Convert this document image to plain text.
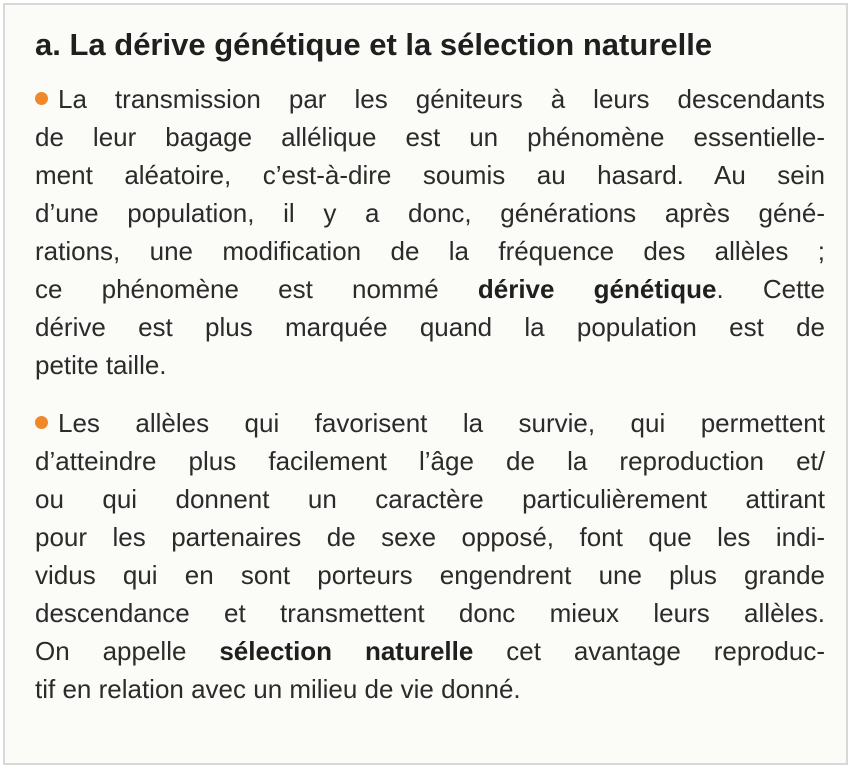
a. La dérive génétique et la sélection naturelle
La transmission par les géniteurs à leurs descendants
de leur bagage allélique est un phénomène essentielle-
ment aléatoire, c’est-à-dire soumis au hasard. Au sein
d’une population, il y a donc, générations après géné-
rations, une modification de la fréquence des allèles ;
ce phénomène est nommé dérive génétique. Cette
dérive est plus marquée quand la population est de
petite taille.
Les allèles qui favorisent la survie, qui permettent
d’atteindre plus facilement l’âge de la reproduction et/
ou qui donnent un caractère particulièrement attirant
pour les partenaires de sexe opposé, font que les indi-
vidus qui en sont porteurs engendrent une plus grande
descendance et transmettent donc mieux leurs allèles.
On appelle sélection naturelle cet avantage reproduc-
tif en relation avec un milieu de vie donné.
